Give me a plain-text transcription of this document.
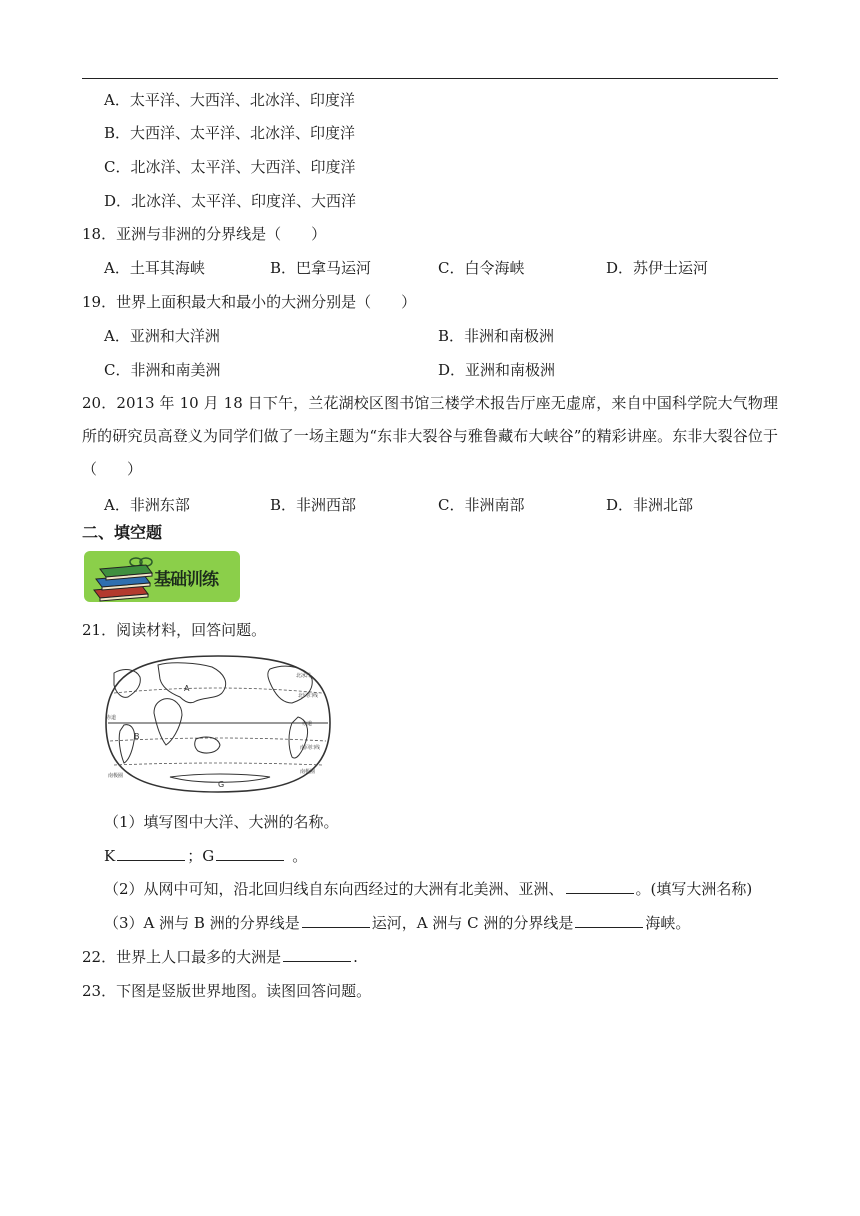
A．太平洋、大西洋、北冰洋、印度洋
B．大西洋、太平洋、北冰洋、印度洋
C．北冰洋、太平洋、大西洋、印度洋
D．北冰洋、太平洋、印度洋、大西洋
18．亚洲与非洲的分界线是（　　）
A．土耳其海峡	B．巴拿马运河	C．白令海峡	D．苏伊士运河
19．世界上面积最大和最小的大洲分别是（　　）
A．亚洲和大洋洲	B．非洲和南极洲
C．非洲和南美洲	D．亚洲和南极洲
20．2013 年 10 月 18 日下午，兰花湖校区图书馆三楼学术报告厅座无虚席，来自中国科学院大气物理所的研究员高登义为同学们做了一场主题为“东非大裂谷与雅鲁藏布大峡谷”的精彩讲座。东非大裂谷位于（　　）
A．非洲东部	B．非洲西部	C．非洲南部	D．非洲北部
二、填空题
基础训练
21．阅读材料，回答问题。
北冰洋
北回归线
赤道
南回归线
南极圈
赤道
南极圈
A
B
G
（1）填写图中大洋、大洲的名称。
K	；G	。
（2）从网中可知，沿北回归线自东向西经过的大洲有北美洲、亚洲、	。(填写大洲名称)
（3）A 洲与 B 洲的分界线是	运河，A 洲与 C 洲的分界线是	海峡。
22．世界上人口最多的大洲是	.
23．下图是竖版世界地图。读图回答问题。
